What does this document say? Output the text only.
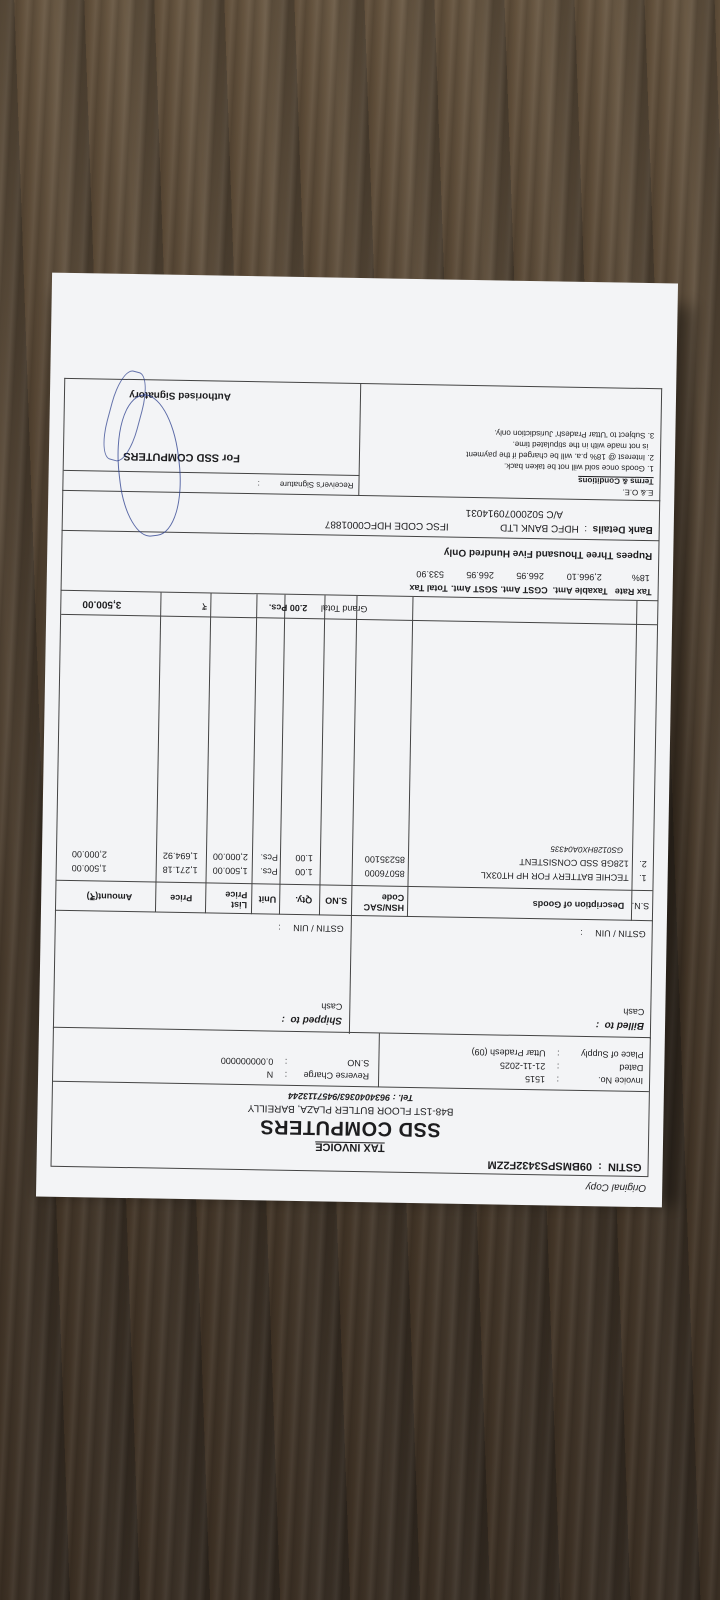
Original Copy
GSTIN  :  09BMSPS3432F2ZM
TAX INVOICE
SSD COMPUTERS
B48-1ST FLOOR BUTLER PLAZA, BAREILLY
Tel. : 9634040363/9457113244
Invoice No.
:
1515
Dated
:
21-11-2025
Place of Supply
:
Uttar Pradesh (09)
Reverse Charge
:
N
S.NO
:
0.000000000
Billed to  :
Cash
Shipped to  :
Cash
GSTIN / UIN     :
GSTIN / UIN     :
S.N.
Description of Goods
HSN/SAC Code
S.NO
Qty.
Unit
List Price
Price
Amount(₹)
1.
TECHIE BATTERY FOR HP HT03XL
85076000
1.00
Pcs.
1,500.00
1,271.18
1,500.00	2.
128GB SSD CONSISTENT
85235100
1.00
Pcs.
2,000.00
1,694.92
2,000.00	GS0128HX0A04335
Grand Total
2.00 Pcs.
₹
3,500.00
Tax Rate
Taxable Amt.
CGST Amt.
SGST Amt.
Total Tax
18%
2,966.10
266.95
266.95
533.90
Rupees Three Thousand Five Hundred Only
Bank Details  :  HDFC BANK LTD
IFSC CODE HDFC0001887
A/C 50200070914031
E.& O.E.
Terms & Conditions
1. Goods once sold will not be taken back.
2. Interest @ 18% p.a. will be charged if the payment
is not made with in the stipulated time.
3. Subject to 'Uttar Pradesh' Jurisdiction only.
Receiver's Signature         :
For SSD COMPUTERS
Authorised Signatory
